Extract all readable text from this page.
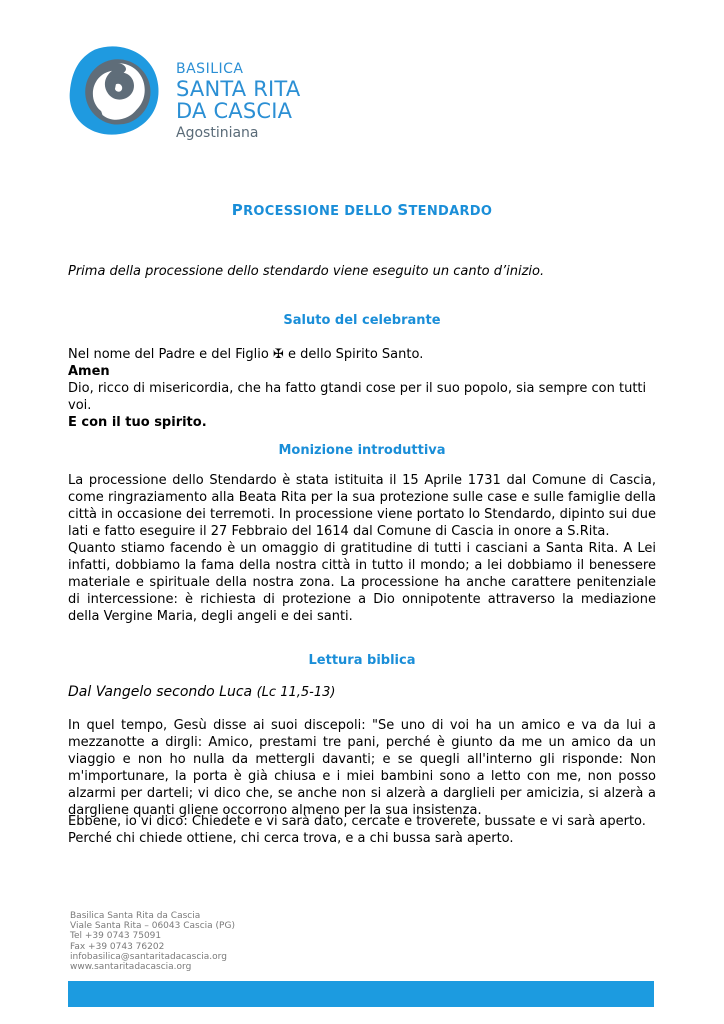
BASILICA
SANTA RITA
DA CASCIA
Agostiniana
PROCESSIONE DELLO STENDARDO
Prima della processione dello stendardo viene eseguito un canto d’inizio.
Saluto del celebrante
Nel nome del Padre e del Figlio ✠ e dello Spirito Santo.
Amen
Dio, ricco di misericordia, che ha fatto gtandi cose per il suo popolo, sia sempre con tutti voi.
E con il tuo spirito.
Monizione introduttiva
La processione dello Stendardo è stata istituita il 15 Aprile 1731 dal Comune di Cascia, come ringraziamento alla Beata Rita per la sua protezione sulle case e sulle famiglie della città in occasione dei terremoti. In processione viene portato lo Stendardo, dipinto sui due lati e fatto eseguire il 27 Febbraio del 1614 dal Comune di Cascia in onore a S.Rita.
Quanto stiamo facendo è un omaggio di gratitudine di tutti i casciani a Santa Rita. A Lei infatti, dobbiamo la fama della nostra città in tutto il mondo; a lei dobbiamo il benessere materiale e spirituale della nostra zona. La processione ha anche carattere penitenziale di intercessione: è richiesta di protezione a Dio onnipotente attraverso la mediazione della Vergine Maria, degli angeli e dei santi.
Lettura biblica
Dal Vangelo secondo Luca (Lc 11,5-13)
In quel tempo, Gesù disse ai suoi discepoli: "Se uno di voi ha un amico e va da lui a mezzanotte a dirgli: Amico, prestami tre pani, perché è giunto da me un amico da un viaggio e non ho nulla da mettergli davanti; e se quegli all'interno gli risponde: Non m'importunare, la porta è già chiusa e i miei bambini sono a letto con me, non posso alzarmi per darteli; vi dico che, se anche non si alzerà a darglieli per amicizia, si alzerà a dargliene quanti gliene occorrono almeno per la sua insistenza.
Ebbene, io vi dico: Chiedete e vi sarà dato, cercate e troverete, bussate e vi sarà aperto.
Perché chi chiede ottiene, chi cerca trova, e a chi bussa sarà aperto.
Basilica Santa Rita da Cascia
Viale Santa Rita – 06043 Cascia (PG)
Tel +39 0743 75091
Fax +39 0743 76202
infobasilica@santaritadacascia.org
www.santaritadacascia.org
